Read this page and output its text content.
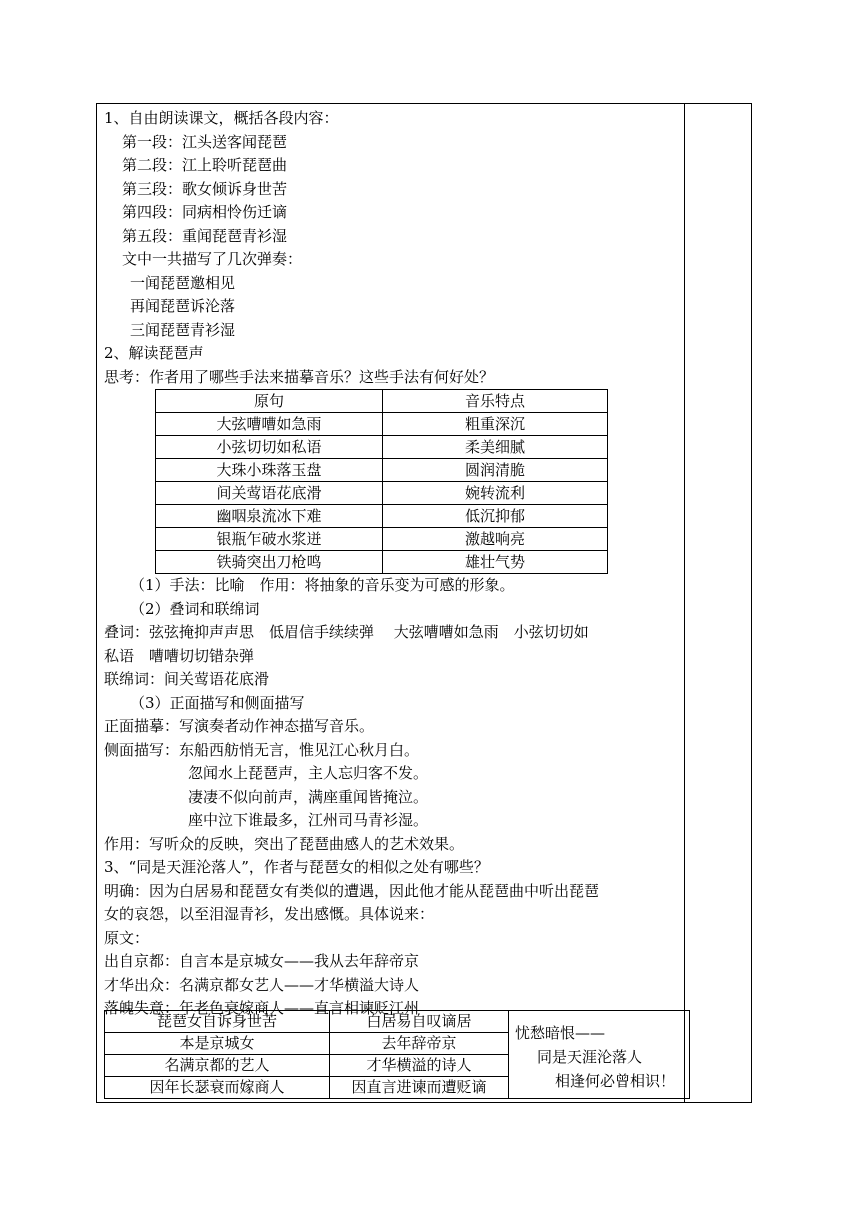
1、自由朗读课文，概括各段内容：
第一段：江头送客闻琵琶
第二段：江上聆听琵琶曲
第三段：歌女倾诉身世苦
第四段：同病相怜伤迁谪
第五段：重闻琵琶青衫湿
文中一共描写了几次弹奏：
一闻琵琶邀相见
再闻琵琶诉沦落
三闻琵琶青衫湿
2、解读琵琶声
思考：作者用了哪些手法来描摹音乐？这些手法有何好处？
原句	音乐特点
大弦嘈嘈如急雨	粗重深沉
小弦切切如私语	柔美细腻
大珠小珠落玉盘	圆润清脆
间关莺语花底滑	婉转流利
幽咽泉流冰下难	低沉抑郁
银瓶乍破水浆迸	激越响亮
铁骑突出刀枪鸣	雄壮气势
（1）手法：比喻　作用：将抽象的音乐变为可感的形象。
（2）叠词和联绵词
叠词：弦弦掩抑声声思　低眉信手续续弹　 大弦嘈嘈如急雨　小弦切切如
私语　嘈嘈切切错杂弹
联绵词：间关莺语花底滑
（3）正面描写和侧面描写
正面描摹：写演奏者动作神态描写音乐。
侧面描写：东船西舫悄无言，惟见江心秋月白。
忽闻水上琵琶声，主人忘归客不发。
凄凄不似向前声，满座重闻皆掩泣。
座中泣下谁最多，江州司马青衫湿。
作用：写听众的反映，突出了琵琶曲感人的艺术效果。
3、“同是天涯沦落人”，作者与琵琶女的相似之处有哪些？
明确：因为白居易和琵琶女有类似的遭遇，因此他才能从琵琶曲中听出琵琶
女的哀怨，以至泪湿青衫，发出感慨。具体说来：
原文：
出自京都：自言本是京城女——我从去年辞帝京
才华出众：名满京都女艺人——才华横溢大诗人
落魄失意：年老色衰嫁商人——直言相谏贬江州
琵琶女自诉身世苦	白居易自叹谪居	忧愁暗恨——
同是天涯沦落人
相逢何必曾相识！

本是京城女	去年辞帝京	
名满京都的艺人	才华横溢的诗人	
因年长瑟衰而嫁商人	因直言进谏而遭贬谪	
